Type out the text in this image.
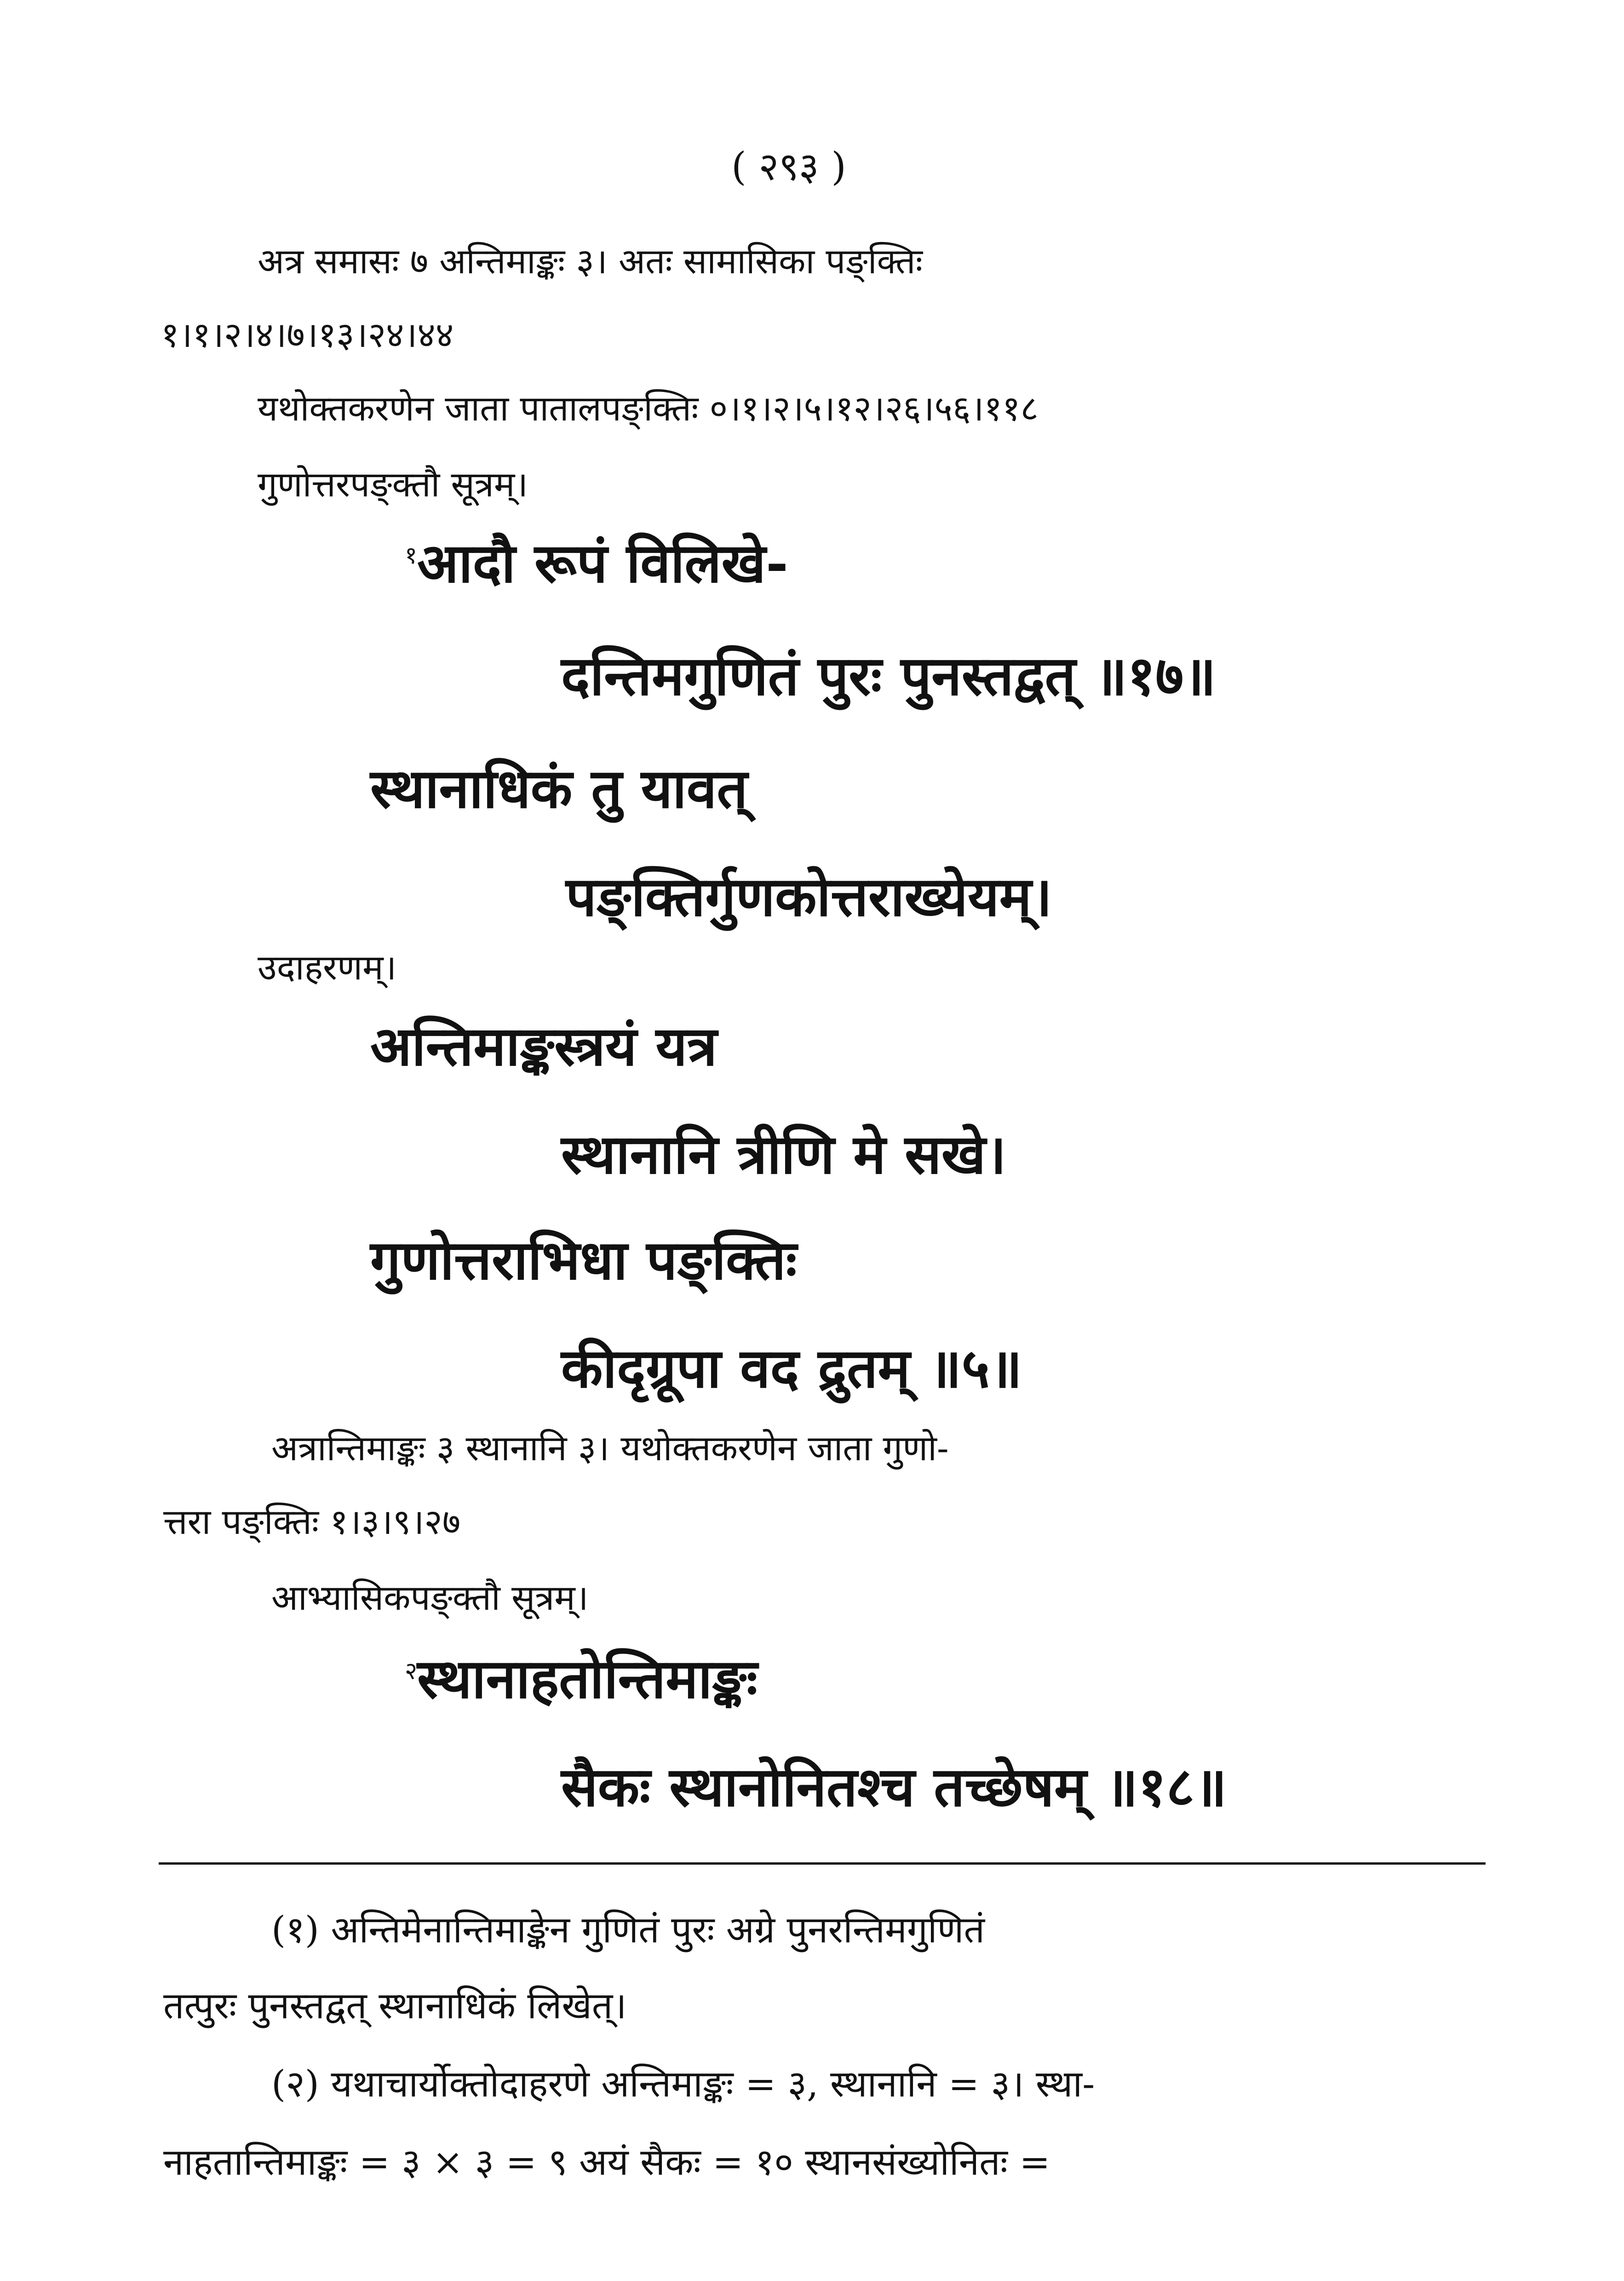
( २९३ )
अत्र समासः ७ अन्तिमाङ्कः ३। अतः सामासिका पङ्क्तिः
१।१।२।४।७।१३।२४।४४
यथोक्तकरणेन जाता पातालपङ्क्तिः ०।१।२।५।१२।२६।५६।११८
गुणोत्तरपङ्क्तौ सूत्रम्।
$^१$आदौ रूपं विलिखे-
दन्तिमगुणितं पुरः पुनस्तद्वत् ॥१७॥
स्थानाधिकं तु यावत्
पङ्क्तिर्गुणकोत्तराख्येयम्।
उदाहरणम्।
अन्तिमाङ्कस्त्रयं यत्र
स्थानानि त्रीणि मे सखे।
गुणोत्तराभिधा पङ्क्तिः
कीदृग्रूपा वद द्रुतम् ॥५॥
अत्रान्तिमाङ्कः ३ स्थानानि ३। यथोक्तकरणेन जाता गुणो-
त्तरा पङ्क्तिः १।३।९।२७
आभ्यासिकपङ्क्तौ सूत्रम्।
$^२$स्थानाहतोन्तिमाङ्कः
सैकः स्थानोनितश्च तच्छेषम् ॥१८॥
(१) अन्तिमेनान्तिमाङ्केन गुणितं पुरः अग्रे पुनरन्तिमगुणितं
तत्पुरः पुनस्तद्वत् स्थानाधिकं लिखेत्।
(२) यथाचार्योक्तोदाहरणे अन्तिमाङ्कः = ३, स्थानानि = ३। स्था-
नाहतान्तिमाङ्कः = ३ × ३ = ९ अयं सैकः = १० स्थानसंख्योनितः =
